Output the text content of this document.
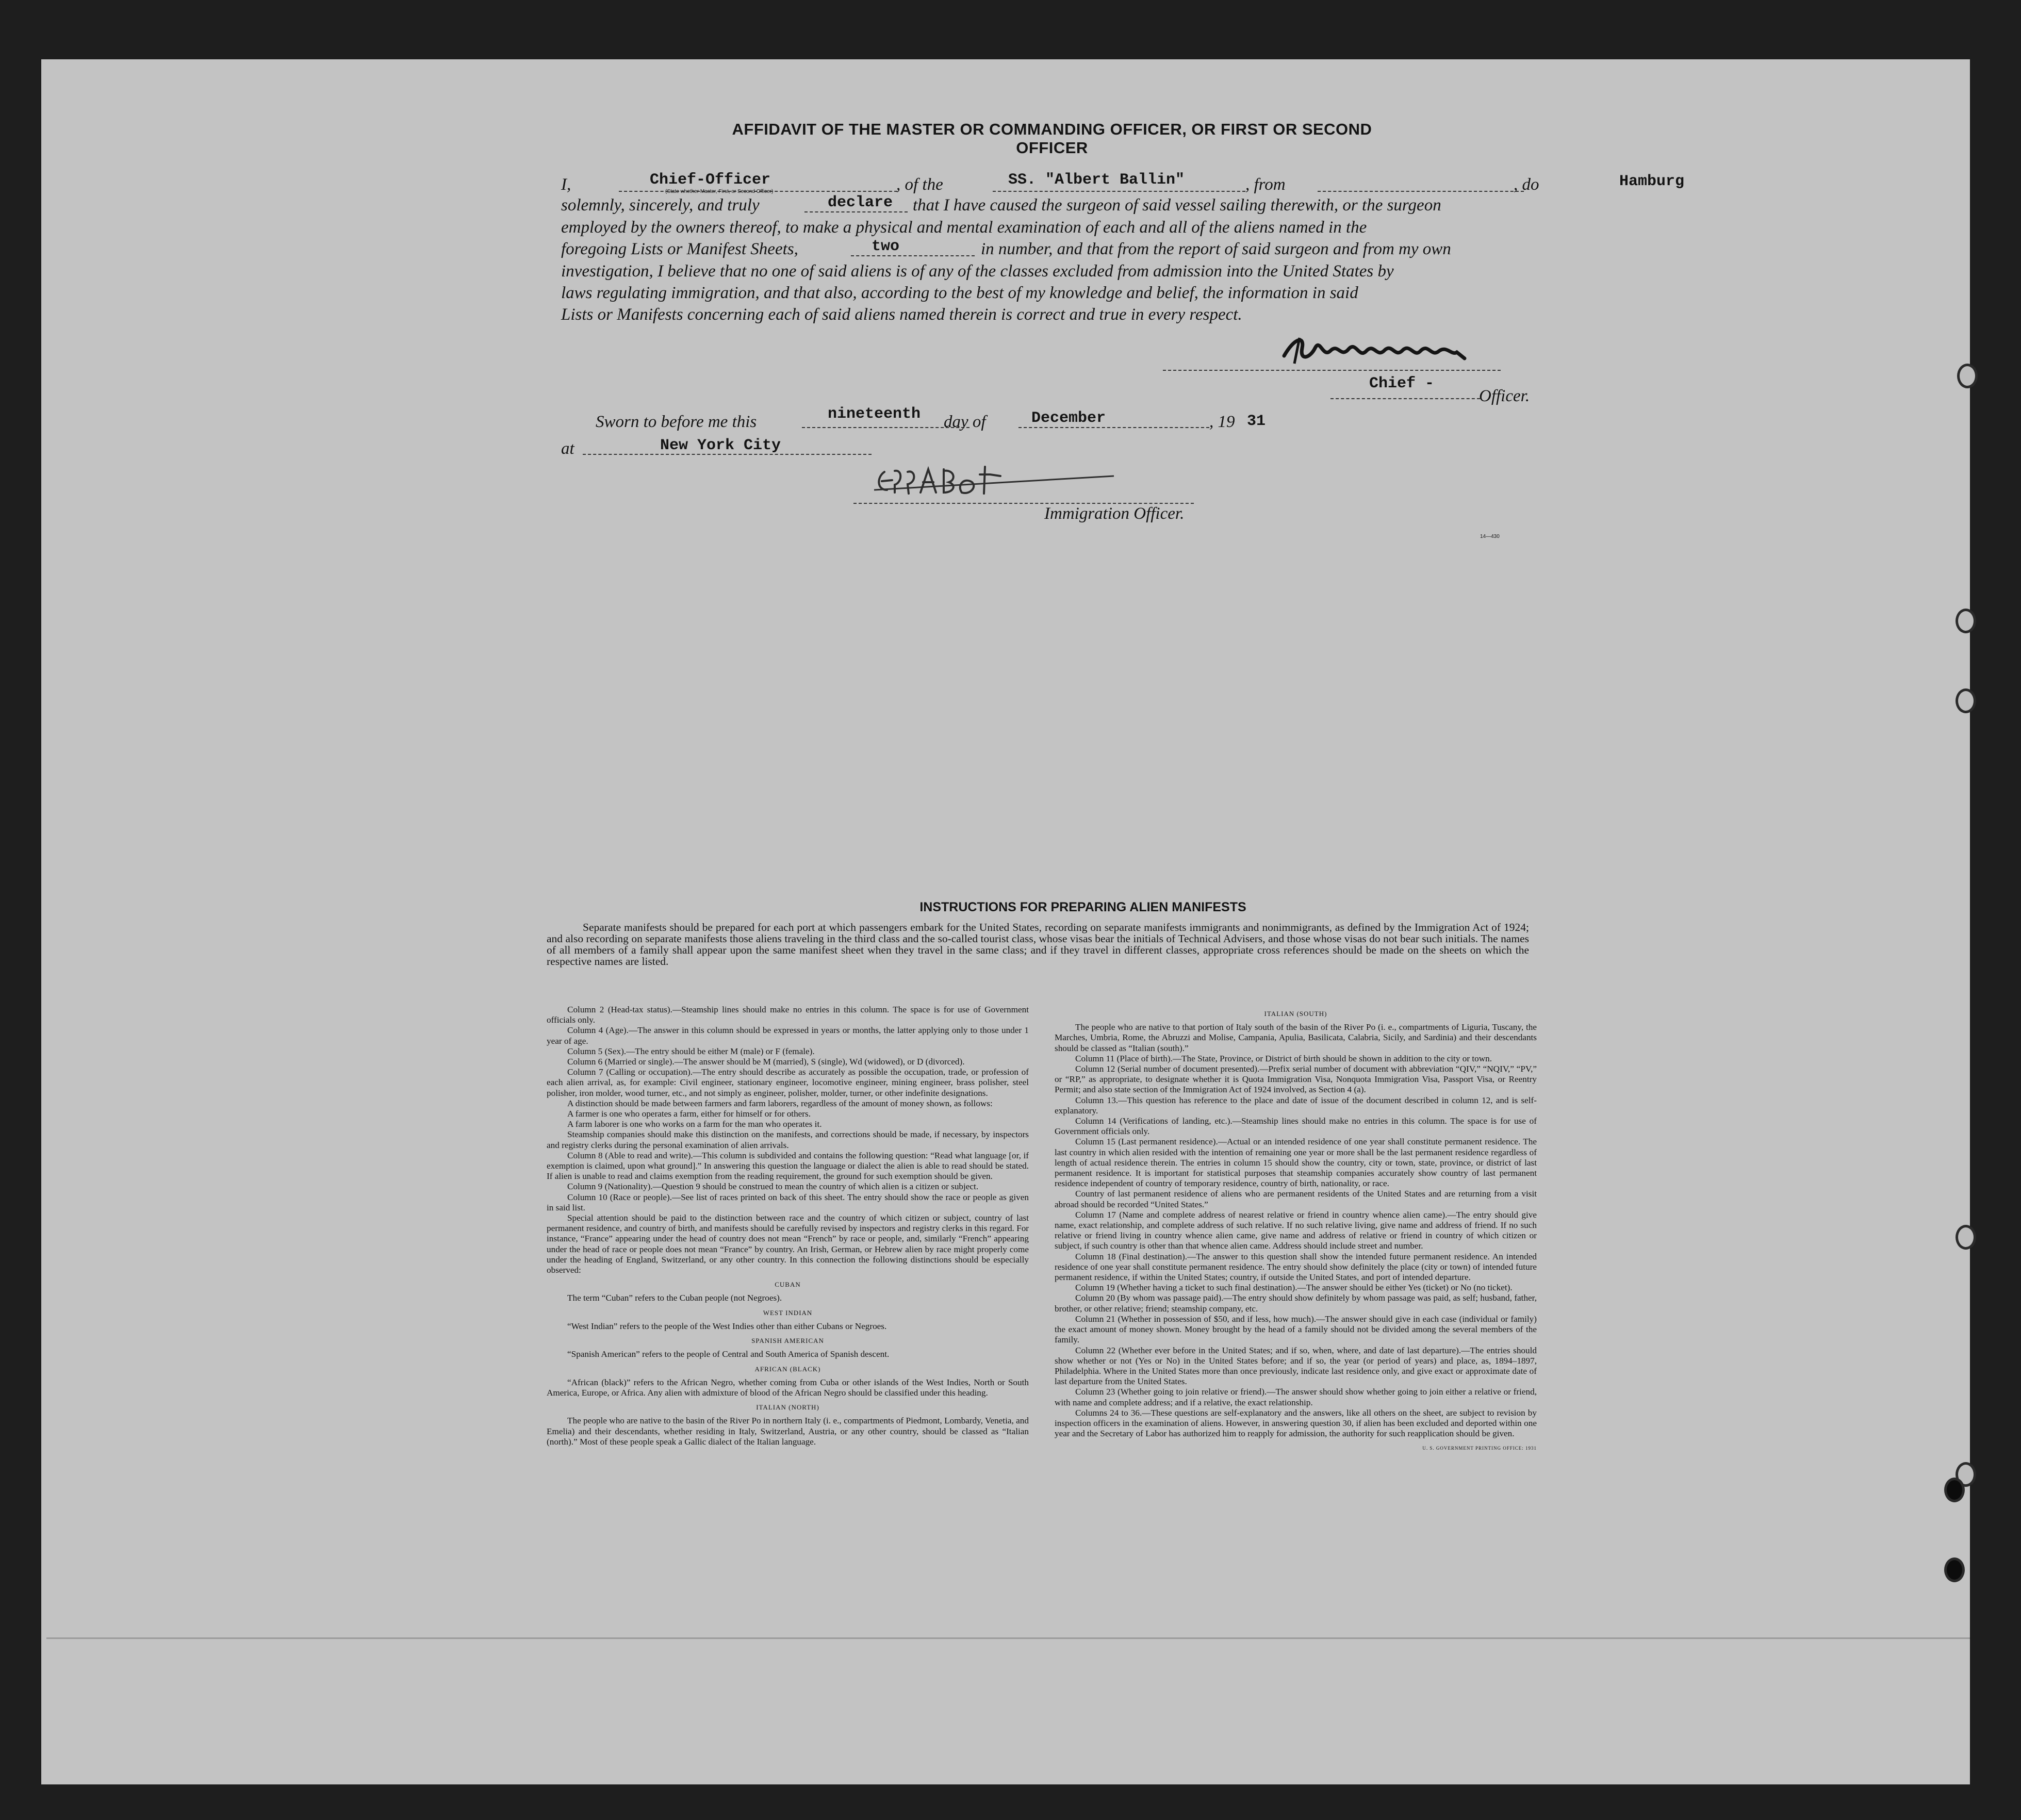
AFFIDAVIT OF THE MASTER OR COMMANDING OFFICER, OR FIRST OR SECOND OFFICER
I,	Chief-Officer
(State whether Master, First, or Second Officer)	, of the	SS. "Albert Ballin"	, from	Hamburg
, do
solemnly, sincerely, and truly	declare that I have caused the surgeon of said vessel sailing therewith, or the surgeon
employed by the owners thereof, to make a physical and mental examination of each and all of the aliens named in the
foregoing Lists or Manifest Sheets,	two	in number, and that from the report of said surgeon and from my own
investigation, I believe that no one of said aliens is of any of the classes excluded from admission into the United States by
laws regulating immigration, and that also, according to the best of my knowledge and belief, the information in said
Lists or Manifests concerning each of said aliens named therein is correct and true in every respect.
Chief -
Officer.
Sworn to before me this	nineteenth day of	December	, 19 31
at	New York City
Immigration Officer.
14—430
INSTRUCTIONS FOR PREPARING ALIEN MANIFESTS
Separate manifests should be prepared for each port at which passengers embark for the United States, recording on separate manifests immigrants and nonimmigrants, as defined by the Immigration Act of 1924; and also recording on separate manifests those aliens traveling in the third class and the so-called tourist class, whose visas bear the initials of Technical Advisers, and those whose visas do not bear such initials. The names of all members of a family shall appear upon the same manifest sheet when they travel in the same class; and if they travel in different classes, appropriate cross references should be made on the sheets on which the respective names are listed.

Column 2 (Head-tax status).—Steamship lines should make no entries in this column. The space is for use of Government officials only.

Column 4 (Age).—The answer in this column should be expressed in years or months, the latter applying only to those under 1 year of age.

Column 5 (Sex).—The entry should be either M (male) or F (female).

Column 6 (Married or single).—The answer should be M (married), S (single), Wd (widowed), or D (divorced).

Column 7 (Calling or occupation).—The entry should describe as accurately as possible the occupation, trade, or profession of each alien arrival, as, for example: Civil engineer, stationary engineer, locomotive engineer, mining engineer, brass polisher, steel polisher, iron molder, wood turner, etc., and not simply as engineer, polisher, molder, turner, or other indefinite designations.

A distinction should be made between farmers and farm laborers, regardless of the amount of money shown, as follows:

A farmer is one who operates a farm, either for himself or for others.

A farm laborer is one who works on a farm for the man who operates it.

Steamship companies should make this distinction on the manifests, and corrections should be made, if necessary, by inspectors and registry clerks during the personal examination of alien arrivals.

Column 8 (Able to read and write).—This column is subdivided and contains the following question: “Read what language [or, if exemption is claimed, upon what ground].” In answering this question the language or dialect the alien is able to read should be stated. If alien is unable to read and claims exemption from the reading requirement, the ground for such exemption should be given.

Column 9 (Nationality).—Question 9 should be construed to mean the country of which alien is a citizen or subject.

Column 10 (Race or people).—See list of races printed on back of this sheet. The entry should show the race or people as given in said list.

Special attention should be paid to the distinction between race and the country of which citizen or subject, country of last permanent residence, and country of birth, and manifests should be carefully revised by inspectors and registry clerks in this regard. For instance, “France” appearing under the head of country does not mean “French” by race or people, and, similarly “French” appearing under the head of race or people does not mean “France” by country. An Irish, German, or Hebrew alien by race might properly come under the heading of England, Switzerland, or any other country. In this connection the following distinctions should be especially observed:

CUBAN

The term “Cuban” refers to the Cuban people (not Negroes).

WEST INDIAN

“West Indian” refers to the people of the West Indies other than either Cubans or Negroes.

SPANISH AMERICAN

“Spanish American” refers to the people of Central and South America of Spanish descent.

AFRICAN (BLACK)

“African (black)” refers to the African Negro, whether coming from Cuba or other islands of the West Indies, North or South America, Europe, or Africa. Any alien with admixture of blood of the African Negro should be classified under this heading.

ITALIAN (NORTH)

The people who are native to the basin of the River Po in northern Italy (i. e., compartments of Piedmont, Lombardy, Venetia, and Emelia) and their descendants, whether residing in Italy, Switzerland, Austria, or any other country, should be classed as “Italian (north).” Most of these people speak a Gallic dialect of the Italian language.

ITALIAN (SOUTH)

The people who are native to that portion of Italy south of the basin of the River Po (i. e., compartments of Liguria, Tuscany, the Marches, Umbria, Rome, the Abruzzi and Molise, Campania, Apulia, Basilicata, Calabria, Sicily, and Sardinia) and their descendants should be classed as “Italian (south).”

Column 11 (Place of birth).—The State, Province, or District of birth should be shown in addition to the city or town.

Column 12 (Serial number of document presented).—Prefix serial number of document with abbreviation “QIV,” “NQIV,” “PV,” or “RP,” as appropriate, to designate whether it is Quota Immigration Visa, Nonquota Immigration Visa, Passport Visa, or Reentry Permit; and also state section of the Immigration Act of 1924 involved, as Section 4 (a).

Column 13.—This question has reference to the place and date of issue of the document described in column 12, and is self-explanatory.

Column 14 (Verifications of landing, etc.).—Steamship lines should make no entries in this column. The space is for use of Government officials only.

Column 15 (Last permanent residence).—Actual or an intended residence of one year shall constitute permanent residence. The last country in which alien resided with the intention of remaining one year or more shall be the last permanent residence regardless of length of actual residence therein. The entries in column 15 should show the country, city or town, state, province, or district of last permanent residence. It is important for statistical purposes that steamship companies accurately show country of last permanent residence independent of country of temporary residence, country of birth, nationality, or race.

Country of last permanent residence of aliens who are permanent residents of the United States and are returning from a visit abroad should be recorded “United States.”

Column 17 (Name and complete address of nearest relative or friend in country whence alien came).—The entry should give name, exact relationship, and complete address of such relative. If no such relative living, give name and address of friend. If no such relative or friend living in country whence alien came, give name and address of relative or friend in country of which citizen or subject, if such country is other than that whence alien came. Address should include street and number.

Column 18 (Final destination).—The answer to this question shall show the intended future permanent residence. An intended residence of one year shall constitute permanent residence. The entry should show definitely the place (city or town) of intended future permanent residence, if within the United States; country, if outside the United States, and port of intended departure.

Column 19 (Whether having a ticket to such final destination).—The answer should be either Yes (ticket) or No (no ticket).

Column 20 (By whom was passage paid).—The entry should show definitely by whom passage was paid, as self; husband, father, brother, or other relative; friend; steamship company, etc.

Column 21 (Whether in possession of $50, and if less, how much).—The answer should give in each case (individual or family) the exact amount of money shown. Money brought by the head of a family should not be divided among the several members of the family.

Column 22 (Whether ever before in the United States; and if so, when, where, and date of last departure).—The entries should show whether or not (Yes or No) in the United States before; and if so, the year (or period of years) and place, as, 1894–1897, Philadelphia. Where in the United States more than once previously, indicate last residence only, and give exact or approximate date of last departure from the United States.

Column 23 (Whether going to join relative or friend).—The answer should show whether going to join either a relative or friend, with name and complete address; and if a relative, the exact relationship.

Columns 24 to 36.—These questions are self-explanatory and the answers, like all others on the sheet, are subject to revision by inspection officers in the examination of aliens. However, in answering question 30, if alien has been excluded and deported within one year and the Secretary of Labor has authorized him to reapply for admission, the authority for such reapplication should be given.

U. S. GOVERNMENT PRINTING OFFICE: 1931
